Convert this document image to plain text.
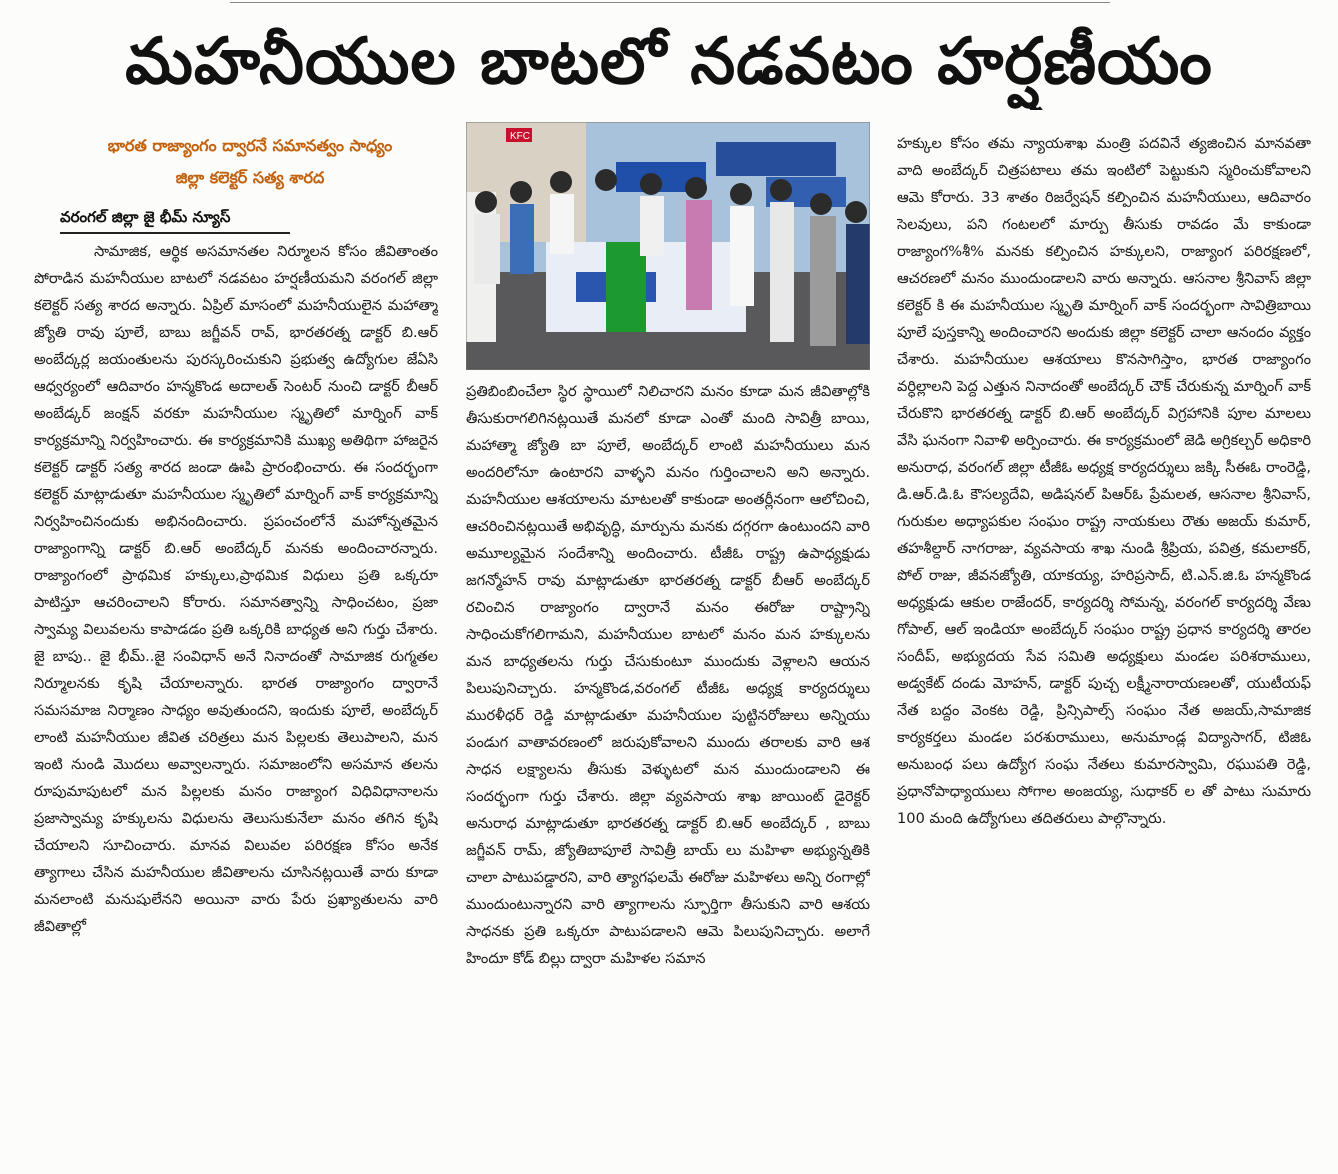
మహనీయుల బాటలో నడవటం హర్షణీయం
భారత రాజ్యాంగం ద్వారనే సమానత్వం సాధ్యం
జిల్లా కలెక్టర్ సత్య శారద
వరంగల్ జిల్లా జై భీమ్ న్యూస్

సామాజిక, ఆర్థిక అసమానతల నిర్మూలన కోసం జీవితాంతం పోరాడిన మహనీయుల బాటలో నడవటం హర్షణీయమని వరంగల్ జిల్లా కలెక్టర్ సత్య శారద అన్నారు. ఏప్రిల్ మాసంలో మహనీయులైన మహాత్మా జ్యోతి రావు పూలే, బాబు జగ్జీవన్ రావ్, భారతరత్న డాక్టర్ బి.ఆర్ అంబేద్కర్ల జయంతులను పురస్కరించుకుని ప్రభుత్వ ఉద్యోగుల జేఏసి ఆధ్వర్యంలో ఆదివారం హన్మకొండ అదాలత్ సెంటర్ నుంచి డాక్టర్ బీఆర్ అంబేడ్కర్ జంక్షన్ వరకూ మహనీయుల స్మృతిలో మార్నింగ్ వాక్ కార్యక్రమాన్ని నిర్వహించారు. ఈ కార్యక్రమానికి ముఖ్య అతిథిగా హాజరైన కలెక్టర్ డాక్టర్ సత్య శారద జండా ఊపి ప్రారంభించారు. ఈ సందర్భంగా కలెక్టర్ మాట్లాడుతూ మహనీయుల స్మృతిలో మార్నింగ్ వాక్ కార్యక్రమాన్ని నిర్వహించినందుకు అభినందించారు. ప్రపంచంలోనే మహోన్నతమైన రాజ్యాంగాన్ని డాక్టర్ బి.ఆర్ అంబేద్కర్ మనకు అందించారన్నారు. రాజ్యాంగంలో ప్రాథమిక హక్కులు,ప్రాథమిక విధులు ప్రతి ఒక్కరూ పాటిస్తూ ఆచరించాలని కోరారు. సమానత్వాన్ని సాధించటం, ప్రజా స్వామ్య విలువలను కాపాడడం ప్రతి ఒక్కరికి బాధ్యత అని గుర్తు చేశారు. జై బాపు.. జై భీమ్..జై సంవిధాన్ అనే నినాదంతో సామాజిక రుగ్మతల నిర్మూలనకు కృషి చేయాలన్నారు. భారత రాజ్యాంగం ద్వారానే సమసమాజ నిర్మాణం సాధ్యం అవుతుందని, ఇందుకు పూలే, అంబేద్కర్ లాంటి మహనీయుల జీవిత చరిత్రలు మన పిల్లలకు తెలుపాలని, మన ఇంటి నుండి మొదలు అవ్వాలన్నారు. సమాజంలోని అసమాన తలను రూపుమాపుటలో మన పిల్లలకు మనం రాజ్యాంగ విధివిధానాలను ప్రజాస్వామ్య హక్కులను విధులను తెలుసుకునేలా మనం తగిన కృషి చేయాలని సూచించారు. మానవ విలువల పరిరక్షణ కోసం అనేక త్యాగాలు చేసిన మహనీయుల జీవితాలను చూసినట్లయితే వారు కూడా మనలాంటి మనుషులేనని అయినా వారు పేరు ప్రఖ్యాతులను వారి జీవితాల్లో

KFC

ప్రతిబింబించేలా స్థిర స్థాయిలో నిలిచారని మనం కూడా మన జీవితాల్లోకి తీసుకురాగలిగినట్లయితే మనలో కూడా ఎంతో మంది సావిత్రీ బాయి, మహాత్మా జ్యోతి బా పూలే, అంబేద్కర్ లాంటి మహనీయులు మన అందరిలోనూ ఉంటారని వాళ్ళని మనం గుర్తించాలని అని అన్నారు. మహనీయుల ఆశయాలను మాటలతో కాకుండా అంతర్లీనంగా ఆలోచించి, ఆచరించినట్లయితే అభివృద్ధి, మార్పును మనకు దగ్గరగా ఉంటుందని వారి అమూల్యమైన సందేశాన్ని అందించారు. టీజీఓ రాష్ట్ర ఉపాధ్యక్షుడు జగన్మోహన్ రావు మాట్లాడుతూ భారతరత్న డాక్టర్ బీఆర్ అంబేద్కర్ రచించిన రాజ్యాంగం ద్వారానే మనం ఈరోజు రాష్ట్రాన్ని సాధించుకోగలిగామని, మహనీయుల బాటలో మనం మన హక్కులను మన బాధ్యతలను గుర్తు చేసుకుంటూ ముందుకు వెళ్లాలని ఆయన పిలుపునిచ్చారు. హన్మకొండ,వరంగల్ టీజీఓ అధ్యక్ష కార్యదర్శులు మురళీధర్ రెడ్డి మాట్లాడుతూ మహనీయుల పుట్టినరోజులు అన్నియు పండుగ వాతావరణంలో జరుపుకోవాలని ముందు తరాలకు వారి ఆశ సాధన లక్ష్యాలను తీసుకు వెళ్ళుటలో మన ముందుండాలని ఈ సందర్భంగా గుర్తు చేశారు. జిల్లా వ్యవసాయ శాఖ జాయింట్ డైరెక్టర్ అనురాధ మాట్లాడుతూ భారతరత్న డాక్టర్ బి.ఆర్ అంబేద్కర్ , బాబు జగ్జీవన్ రామ్, జ్యోతిబాపూలే సావిత్రీ బాయ్ లు మహిళా అభ్యున్నతికి చాలా పాటుపడ్డారని, వారి త్యాగఫలమే ఈరోజు మహిళలు అన్ని రంగాల్లో ముందుంటున్నారని వారి త్యాగాలను స్ఫూర్తిగా తీసుకుని వారి ఆశయ సాధనకు ప్రతి ఒక్కరూ పాటుపడాలని ఆమె పిలుపునిచ్చారు. అలాగే హిందూ కోడ్ బిల్లు ద్వారా మహిళల సమాన

హక్కుల కోసం తమ న్యాయశాఖ మంత్రి పదవినే త్యజించిన మానవతా వాది అంబేద్కర్ చిత్రపటాలు తమ ఇంటిలో పెట్టుకుని స్మరించుకోవాలని ఆమె కోరారు. 33 శాతం రిజర్వేషన్ కల్పించిన మహనీయులు, ఆదివారం సెలవులు, పని గంటలలో మార్పు తీసుకు రావడం మే కాకుండా రాజ్యాంగ%శీ% మనకు కల్పించిన హక్కులని, రాజ్యాంగ పరిరక్షణలో, ఆచరణలో మనం ముందుండాలని వారు అన్నారు. ఆసనాల శ్రీనివాస్ జిల్లా కలెక్టర్ కి ఈ మహనీయుల స్మృతి మార్నింగ్ వాక్ సందర్భంగా సావిత్రిబాయి పూలే పుస్తకాన్ని అందించారని అందుకు జిల్లా కలెక్టర్ చాలా ఆనందం వ్యక్తం చేశారు. మహనీయుల ఆశయాలు కొనసాగిస్తాం, భారత రాజ్యాంగం వర్ధిల్లాలని పెద్ద ఎత్తున నినాదంతో అంబేద్కర్ చౌక్ చేరుకున్న మార్నింగ్ వాక్ చేరుకొని భారతరత్న డాక్టర్ బి.ఆర్ అంబేద్కర్ విగ్రహానికి పూల మాలలు వేసి ఘనంగా నివాళి అర్పించారు. ఈ కార్యక్రమంలో జెడి అగ్రికల్చర్ అధికారి అనురాధ, వరంగల్ జిల్లా టీజీఓ అధ్యక్ష కార్యదర్శులు జక్కి సీఈఓ రాంరెడ్డి, డి.ఆర్.డి.ఓ కౌసల్యదేవి, అడిషనల్ పిఆర్ఓ ప్రేమలత, ఆసనాల శ్రీనివాస్, గురుకుల అధ్యాపకుల సంఘం రాష్ట్ర నాయకులు రౌతు అజయ్ కుమార్, తహశీల్దార్ నాగరాజు, వ్యవసాయ శాఖ నుండి శ్రీప్రియ, పవిత్ర, కమలాకర్, పోల్ రాజు, జీవనజ్యోతి, యాకయ్య, హరిప్రసాద్, టి.ఎన్.జి.ఓ హన్మకొండ అధ్యక్షుడు ఆకుల రాజేందర్, కార్యదర్శి సోమన్న, వరంగల్ కార్యదర్శి వేణు గోపాల్, ఆల్ ఇండియా అంబేద్కర్ సంఘం రాష్ట్ర ప్రధాన కార్యదర్శి తారల సందీప్, అభ్యుదయ సేవ సమితి అధ్యక్షులు మండల పరిశరాములు, అడ్వకేట్ దండు మోహన్, డాక్టర్ పుచ్చ లక్ష్మీనారాయణలతో, యుటీయఫ్ నేత బద్దం వెంకట రెడ్డి, ప్రిన్సిపాల్స్ సంఘం నేత అజయ్,సామాజిక కార్యకర్తలు మండల పరశురాములు, అనుమాండ్ల విద్యాసాగర్, టిజిఓ అనుబంధ పలు ఉద్యోగ సంఘ నేతలు కుమారస్వామి, రఘుపతి రెడ్డి, ప్రధానోపాధ్యాయులు సోగాల అంజయ్య, సుధాకర్ ల తో పాటు సుమారు 100 మంది ఉద్యోగులు తదితరులు పాల్గొన్నారు.
